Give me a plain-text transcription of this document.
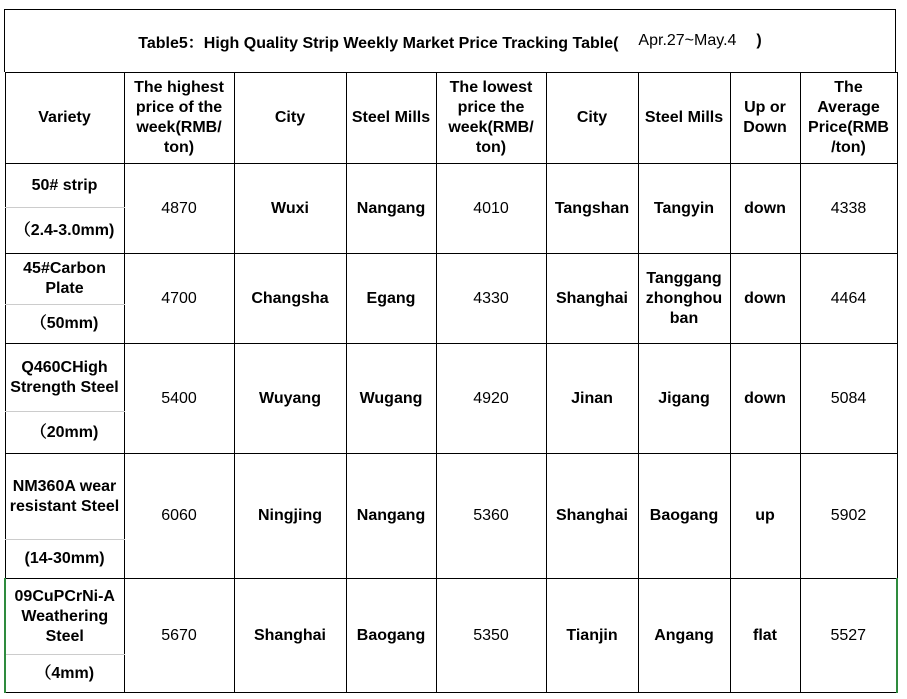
Table5：High Quality Strip Weekly Market Price Tracking Table( Apr.27~May.4 )
Variety	The highest price of the week(RMB/ ton)	City	Steel Mills	The lowest price the week(RMB/ ton)	City	Steel Mills	Up or Down	The Average Price(RMB /ton)
50# strip	4870	Wuxi	Nangang	4010	Tangshan	Tangyin	down	4338
（2.4-3.0mm)								
45#Carbon Plate	4700	Changsha	Egang	4330	Shanghai	Tanggang zhonghou ban	down	4464
（50mm)								
Q460CHigh Strength Steel	5400	Wuyang	Wugang	4920	Jinan	Jigang	down	5084
（20mm)								
NM360A wear resistant Steel	6060	Ningjing	Nangang	5360	Shanghai	Baogang	up	5902
(14-30mm)								
09CuPCrNi-A Weathering Steel	5670	Shanghai	Baogang	5350	Tianjin	Angang	flat	5527
（4mm)								
